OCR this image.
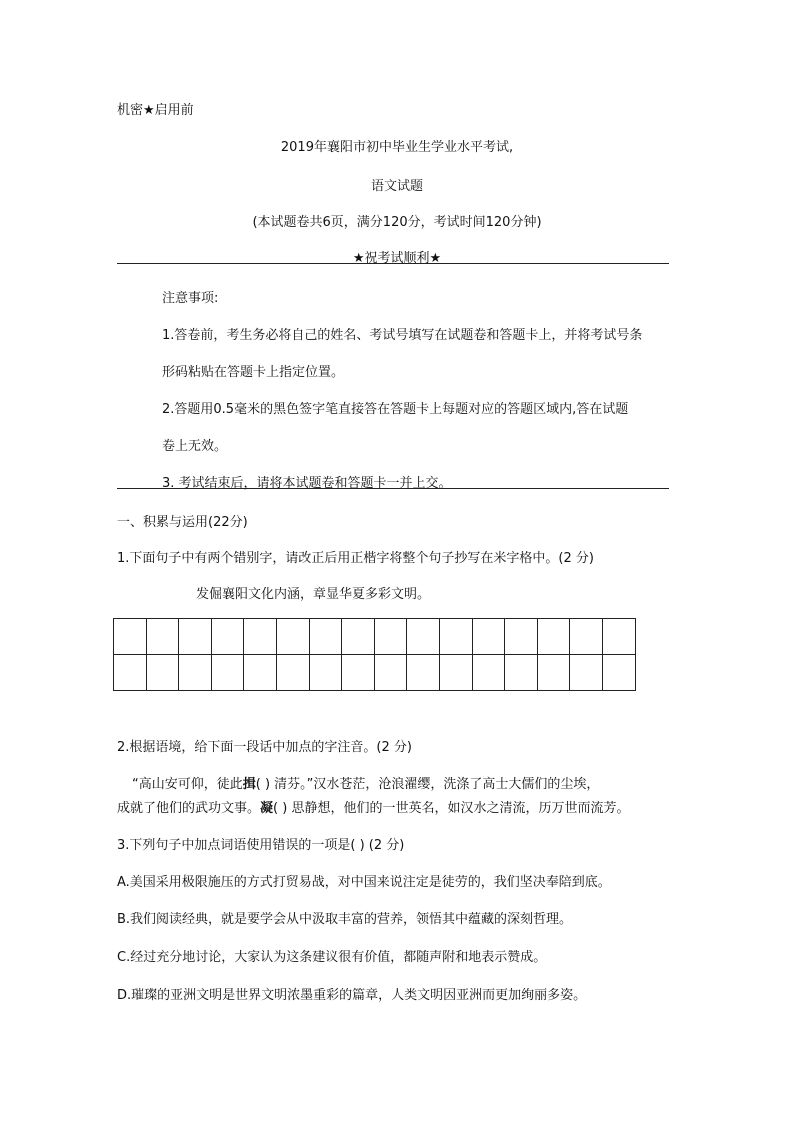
机密★启用前
2019年襄阳市初中毕业生学业水平考试,
语文试题
(本试题卷共6页，满分120分，考试时间120分钟)
★祝考试顺利★
注意事项:
1.答卷前，考生务必将自己的姓名、考试号填写在试题卷和答题卡上，并将考试号条
形码粘贴在答题卡上指定位置。
2.答题用0.5毫米的黑色签字笔直接答在答题卡上每题对应的答题区域内,答在试题
卷上无效。
3. 考试结束后，请将本试题卷和答题卡一并上交。
一、积累与运用(22分)
1.下面句子中有两个错别字，请改正后用正楷字将整个句子抄写在米字格中。(2 分)
发倔襄阳文化内涵，章显华夏多彩文明。

2.根据语境，给下面一段话中加点的字注音。(2 分)
“高山安可仰，徒此揖( ) 清芬。”汉水苍茫，沧浪濯缨，洗涤了高士大儒们的尘埃，
成就了他们的武功文事。凝( ) 思静想，他们的一世英名，如汉水之清流，历万世而流芳。
3.下列句子中加点词语使用错误的一项是( ) (2 分)
A.美国采用极限施压的方式打贸易战，对中国来说注定是徒劳的，我们坚决奉陪到底。
B.我们阅读经典，就是要学会从中汲取丰富的营养，领悟其中蕴藏的深刻哲理。
C.经过充分地讨论，大家认为这条建议很有价值，都随声附和地表示赞成。
D.璀璨的亚洲文明是世界文明浓墨重彩的篇章，人类文明因亚洲而更加绚丽多姿。
